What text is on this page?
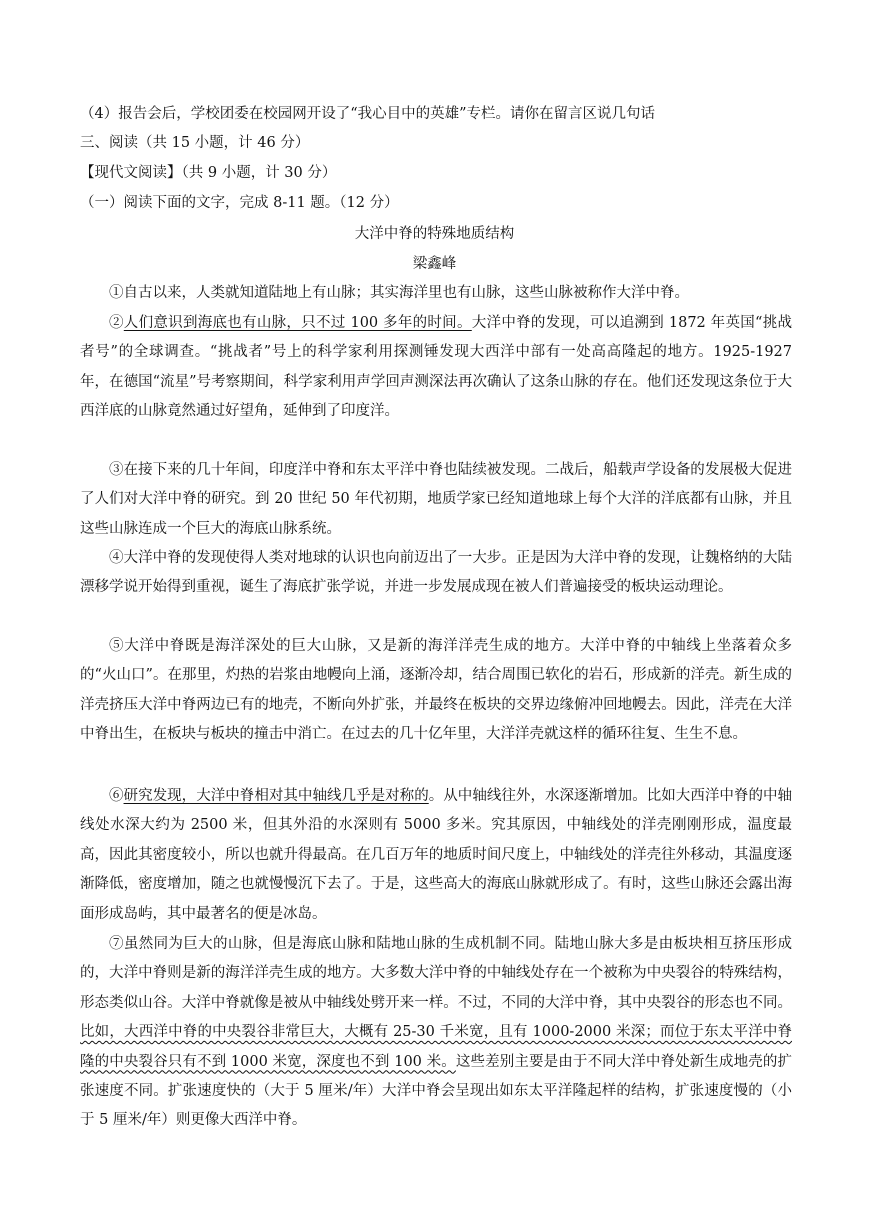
（4）报告会后，学校团委在校园网开设了“我心目中的英雄”专栏。请你在留言区说几句话
三、阅读（共 15 小题，计 46 分）
【现代文阅读】（共 9 小题，计 30 分）
（一）阅读下面的文字，完成 8-11 题。（12 分）
大洋中脊的特殊地质结构
梁鑫峰
①自古以来，人类就知道陆地上有山脉；其实海洋里也有山脉，这些山脉被称作大洋中脊。
②人们意识到海底也有山脉，只不过 100 多年的时间。大洋中脊的发现，可以追溯到 1872 年英国“挑战者号”的全球调查。“挑战者”号上的科学家利用探测锤发现大西洋中部有一处高高隆起的地方。1925-1927 年，在德国“流星”号考察期间，科学家利用声学回声测深法再次确认了这条山脉的存在。他们还发现这条位于大西洋底的山脉竟然通过好望角，延伸到了印度洋。
③在接下来的几十年间，印度洋中脊和东太平洋中脊也陆续被发现。二战后，船载声学设备的发展极大促进了人们对大洋中脊的研究。到 20 世纪 50 年代初期，地质学家已经知道地球上每个大洋的洋底都有山脉，并且这些山脉连成一个巨大的海底山脉系统。
④大洋中脊的发现使得人类对地球的认识也向前迈出了一大步。正是因为大洋中脊的发现，让魏格纳的大陆漂移学说开始得到重视，诞生了海底扩张学说，并进一步发展成现在被人们普遍接受的板块运动理论。
⑤大洋中脊既是海洋深处的巨大山脉，又是新的海洋洋壳生成的地方。大洋中脊的中轴线上坐落着众多的“火山口”。在那里，灼热的岩浆由地幔向上涌，逐渐冷却，结合周围已软化的岩石，形成新的洋壳。新生成的洋壳挤压大洋中脊两边已有的地壳，不断向外扩张，并最终在板块的交界边缘俯冲回地幔去。因此，洋壳在大洋中脊出生，在板块与板块的撞击中消亡。在过去的几十亿年里，大洋洋壳就这样的循环往复、生生不息。
⑥研究发现，大洋中脊相对其中轴线几乎是对称的。从中轴线往外，水深逐渐增加。比如大西洋中脊的中轴线处水深大约为 2500 米，但其外沿的水深则有 5000 多米。究其原因，中轴线处的洋壳刚刚形成，温度最高，因此其密度较小，所以也就升得最高。在几百万年的地质时间尺度上，中轴线处的洋壳往外移动，其温度逐渐降低，密度增加，随之也就慢慢沉下去了。于是，这些高大的海底山脉就形成了。有时，这些山脉还会露出海面形成岛屿，其中最著名的便是冰岛。
⑦虽然同为巨大的山脉，但是海底山脉和陆地山脉的生成机制不同。陆地山脉大多是由板块相互挤压形成的，大洋中脊则是新的海洋洋壳生成的地方。大多数大洋中脊的中轴线处存在一个被称为中央裂谷的特殊结构，形态类似山谷。大洋中脊就像是被从中轴线处劈开来一样。不过，不同的大洋中脊，其中央裂谷的形态也不同。比如，大西洋中脊的中央裂谷非常巨大，大概有 25-30 千米宽，且有 1000-2000 米深；而位于东太平洋中脊隆的中央裂谷只有不到 1000 米宽，深度也不到 100 米。这些差别主要是由于不同大洋中脊处新生成地壳的扩张速度不同。扩张速度快的（大于 5 厘米/年）大洋中脊会呈现出如东太平洋隆起样的结构，扩张速度慢的（小于 5 厘米/年）则更像大西洋中脊。
